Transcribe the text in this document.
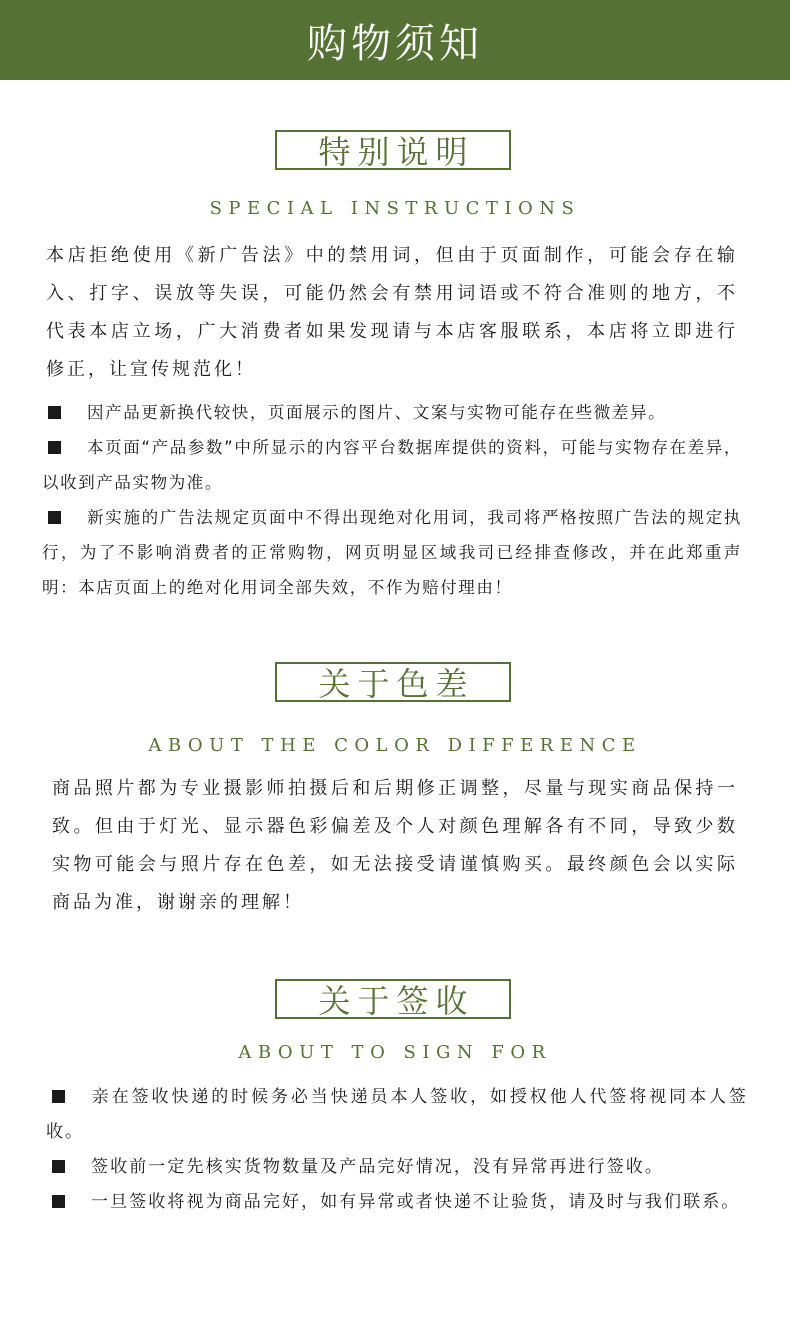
购物须知
特别说明
SPECIAL INSTRUCTIONS

本店拒绝使用《新广告法》中的禁用词，但由于页面制作，可能会存在输入、打字、误放等失误，可能仍然会有禁用词语或不符合准则的地方，不代表本店立场，广大消费者如果发现请与本店客服联系，本店将立即进行修正，让宣传规范化！

因产品更新换代较快，页面展示的图片、文案与实物可能存在些微差异。
本页面“产品参数”中所显示的内容平台数据库提供的资料，可能与实物存在差异，以收到产品实物为准。
新实施的广告法规定页面中不得出现绝对化用词，我司将严格按照广告法的规定执行，为了不影响消费者的正常购物，网页明显区域我司已经排查修改，并在此郑重声明：本店页面上的绝对化用词全部失效，不作为赔付理由！
关于色差
ABOUT THE COLOR DIFFERENCE

商品照片都为专业摄影师拍摄后和后期修正调整，尽量与现实商品保持一致。但由于灯光、显示器色彩偏差及个人对颜色理解各有不同，导致少数实物可能会与照片存在色差，如无法接受请谨慎购买。最终颜色会以实际商品为准，谢谢亲的理解！

关于签收
ABOUT TO SIGN FOR
亲在签收快递的时候务必当快递员本人签收，如授权他人代签将视同本人签收。
签收前一定先核实货物数量及产品完好情况，没有异常再进行签收。
一旦签收将视为商品完好，如有异常或者快递不让验货，请及时与我们联系。
